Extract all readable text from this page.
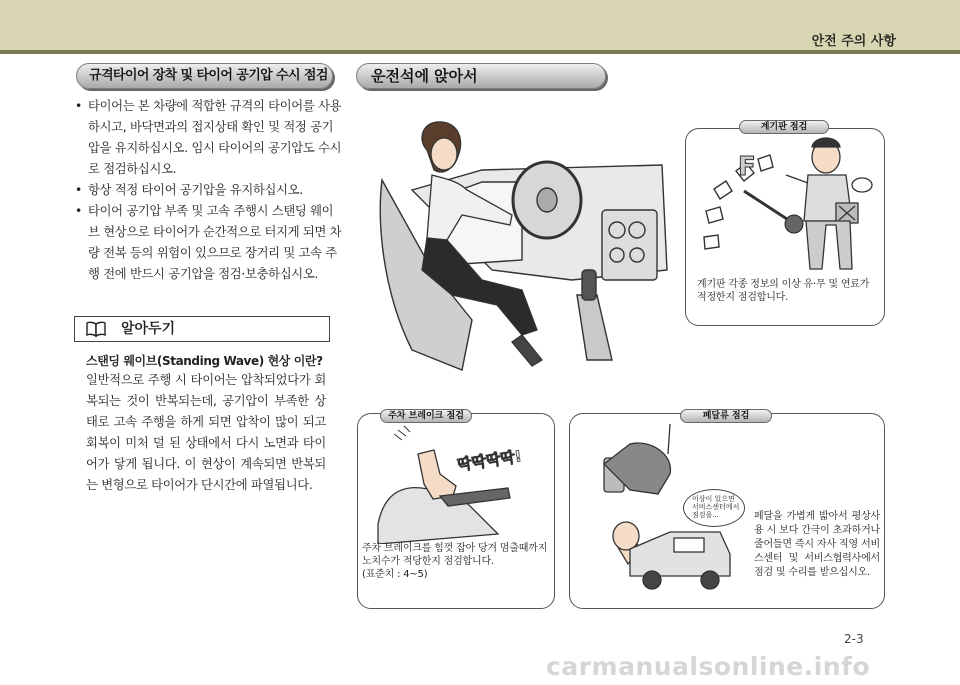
안전 주의 사항
규격타이어 장착 및 타이어 공기압 수시 점검
• 타이어는 본 차량에 적합한 규격의 타이어를 사용하시고, 바닥면과의 접지상태 확인 및 적정 공기압을 유지하십시오. 임시 타이어의 공기압도 수시로 점검하십시오.
• 항상 적정 타이어 공기압을 유지하십시오.
• 타이어 공기압 부족 및 고속 주행시 스탠딩 웨이브 현상으로 타이어가 순간적으로 터지게 되면 차량 전복 등의 위험이 있으므로 장거리 및 고속 주행 전에 반드시 공기압을 점검·보충하십시오.
알아두기
스탠딩 웨이브(Standing Wave) 현상 이란?
일반적으로 주행 시 타이어는 압착되었다가 회복되는 것이 반복되는데, 공기압이 부족한 상태로 고속 주행을 하게 되면 압착이 많이 되고 회복이 미처 덜 된 상태에서 다시 노면과 타이어가 닿게 됩니다. 이 현상이 계속되면 반복되는 변형으로 타이어가 단시간에 파열됩니다.
운전석에 앉아서
F
계기판 점검
계기판 각종 정보의 이상 유·무 및 연료가 적정한지 점검합니다.
딱딱딱딱!
주차 브레이크 점검
주차 브레이크를 힘껏 잡아 당겨 멈출때까지
노치수가 적당한지 점검합니다.
(표준치 : 4~5)
페달류 점검
이상이 있으면
서비스센터에서
점검을...	페달을 가볍게 밟아서 평상사용 시 보다 간극이 초과하거나 줄어들면 즉시 자사 직영 서비스센터 및 서비스협력사에서 점검 및 수리를 받으십시오.
2-3
carmanualsonline.info
